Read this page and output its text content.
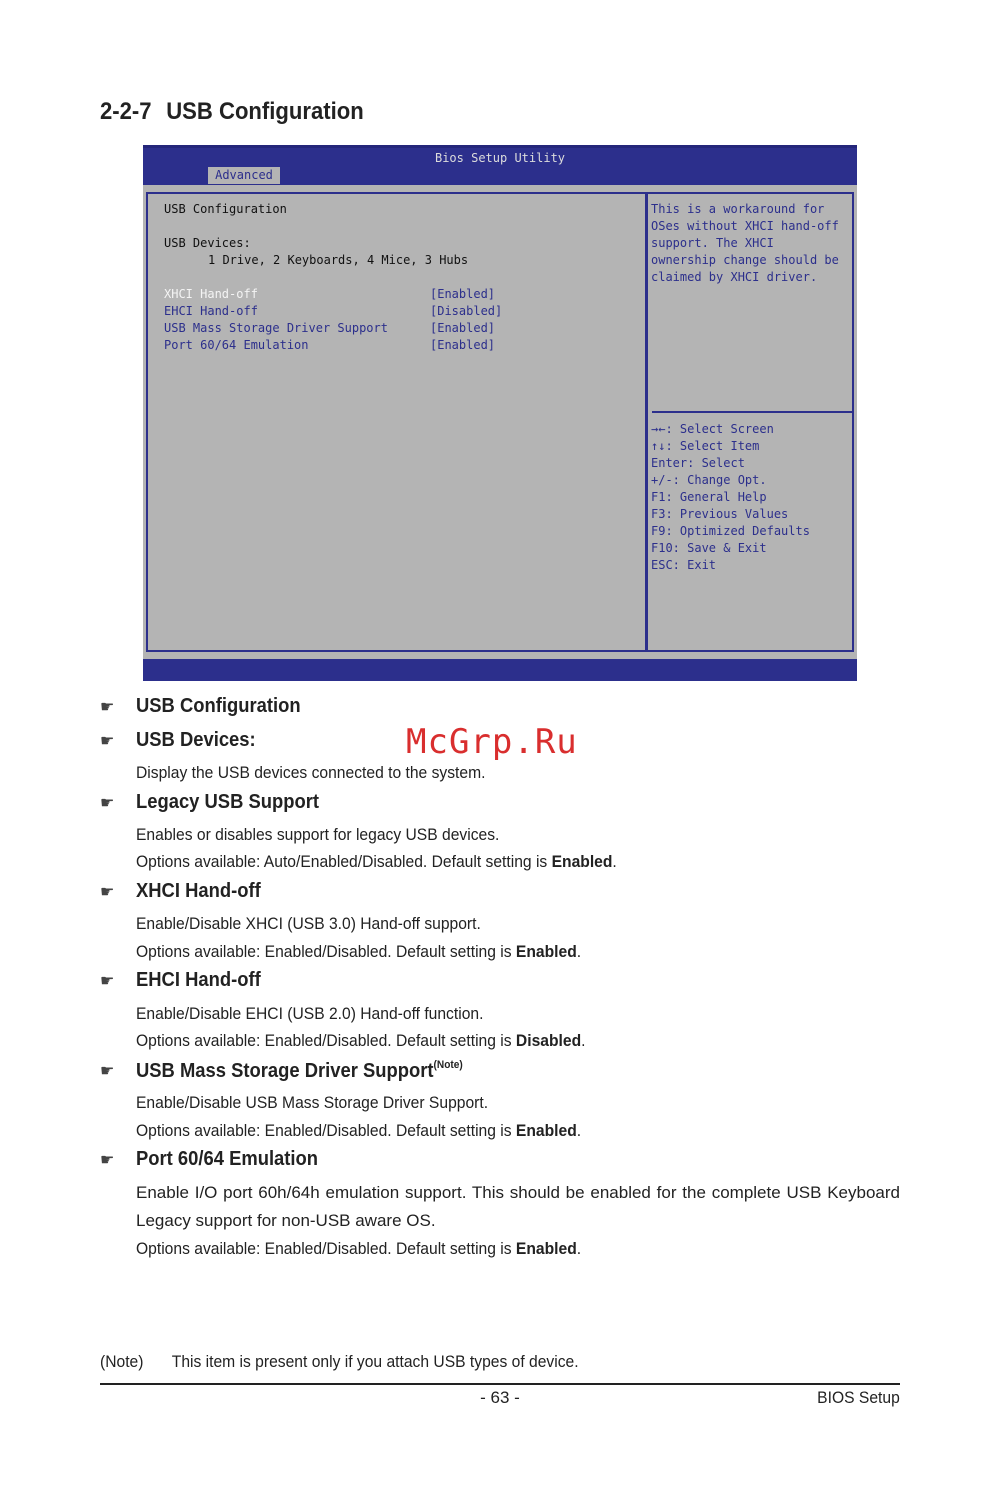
2-2-7 USB Configuration
Bios Setup Utility
Advanced
USB Configuration
USB Devices:
1 Drive, 2 Keyboards, 4 Mice, 3 Hubs
XHCI Hand-off	[Enabled]
EHCI Hand-off	[Disabled]
USB Mass Storage Driver Support	[Enabled]
Port 60/64 Emulation	[Enabled]
This is a workaround for
OSes without XHCI hand-off
support. The XHCI
ownership change should be
claimed by XHCI driver.
→←: Select Screen
↑↓: Select Item
Enter: Select
+/-: Change Opt.
F1: General Help
F3: Previous Values
F9: Optimized Defaults
F10: Save & Exit
ESC: Exit
☛	USB Configuration
☛	USB Devices:
Display the USB devices connected to the system.
☛	Legacy USB Support
Enables or disables support for legacy USB devices.
Options available: Auto/Enabled/Disabled. Default setting is Enabled.
☛	XHCI Hand-off
Enable/Disable XHCI (USB 3.0) Hand-off support.
Options available: Enabled/Disabled. Default setting is Enabled.
☛	EHCI Hand-off
Enable/Disable EHCI (USB 2.0) Hand-off function.
Options available: Enabled/Disabled. Default setting is Disabled.
☛	USB Mass Storage Driver Support$^{(Note)}$
Enable/Disable USB Mass Storage Driver Support.
Options available: Enabled/Disabled. Default setting is Enabled.
☛	Port 60/64 Emulation
Enable I/O port 60h/64h emulation support. This should be enabled for the complete USB Keyboard Legacy support for non-USB aware OS.
Options available: Enabled/Disabled. Default setting is Enabled.
McGrp.Ru
(Note) This item is present only if you attach USB types of device.
- 63 -	BIOS Setup
